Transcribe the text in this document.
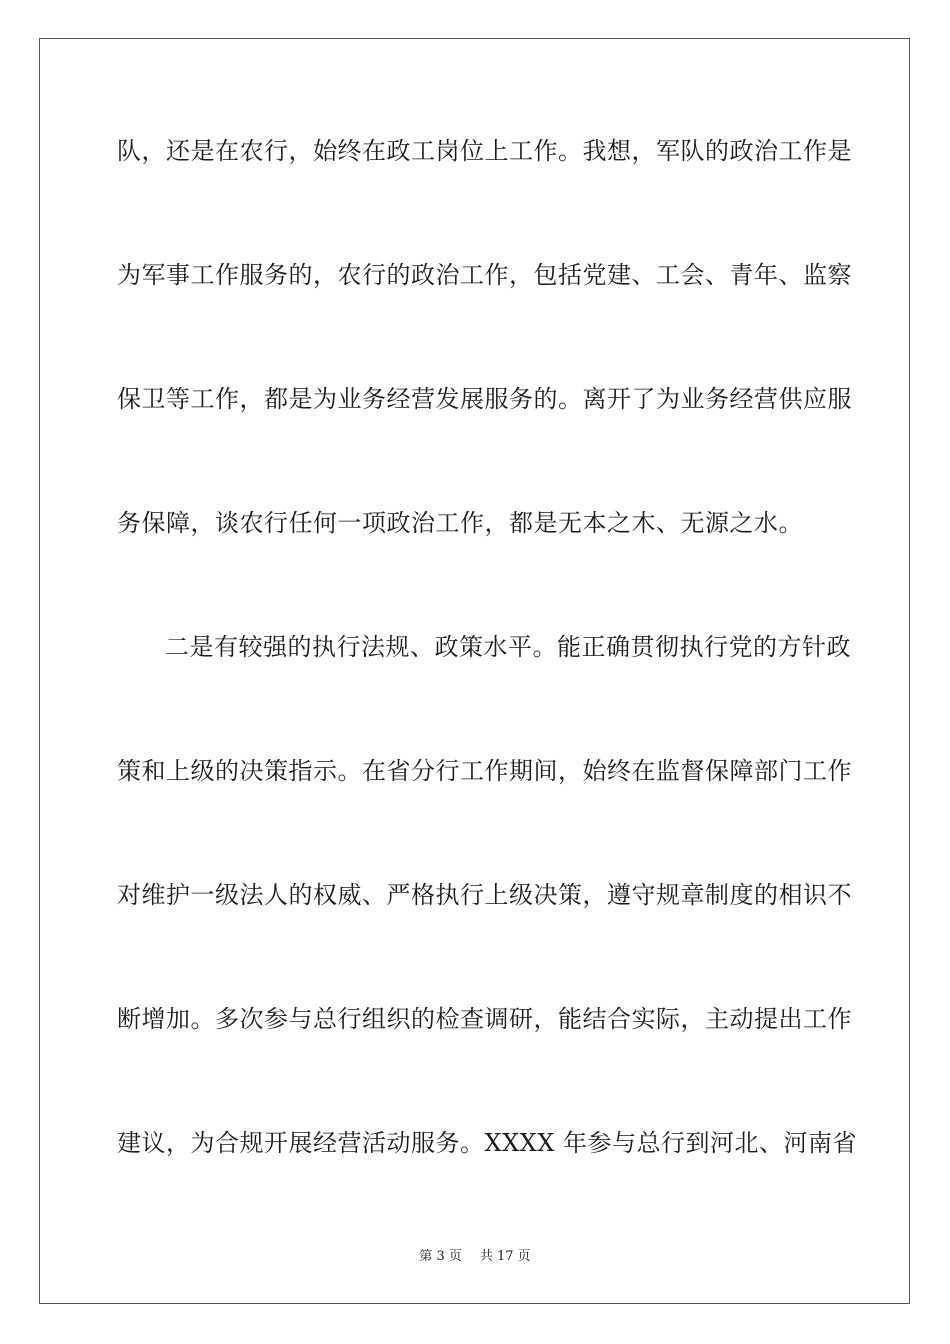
队，还是在农行，始终在政工岗位上工作。我想，军队的政治工作是
为军事工作服务的，农行的政治工作，包括党建、工会、青年、监察
保卫等工作，都是为业务经营发展服务的。离开了为业务经营供应服
务保障，谈农行任何一项政治工作，都是无本之木、无源之水。
二是有较强的执行法规、政策水平。能正确贯彻执行党的方针政
策和上级的决策指示。在省分行工作期间，始终在监督保障部门工作
对维护一级法人的权威、严格执行上级决策，遵守规章制度的相识不
断增加。多次参与总行组织的检查调研，能结合实际，主动提出工作
建议，为合规开展经营活动服务。XXXX 年参与总行到河北、河南省
第 3 页 共 17 页
